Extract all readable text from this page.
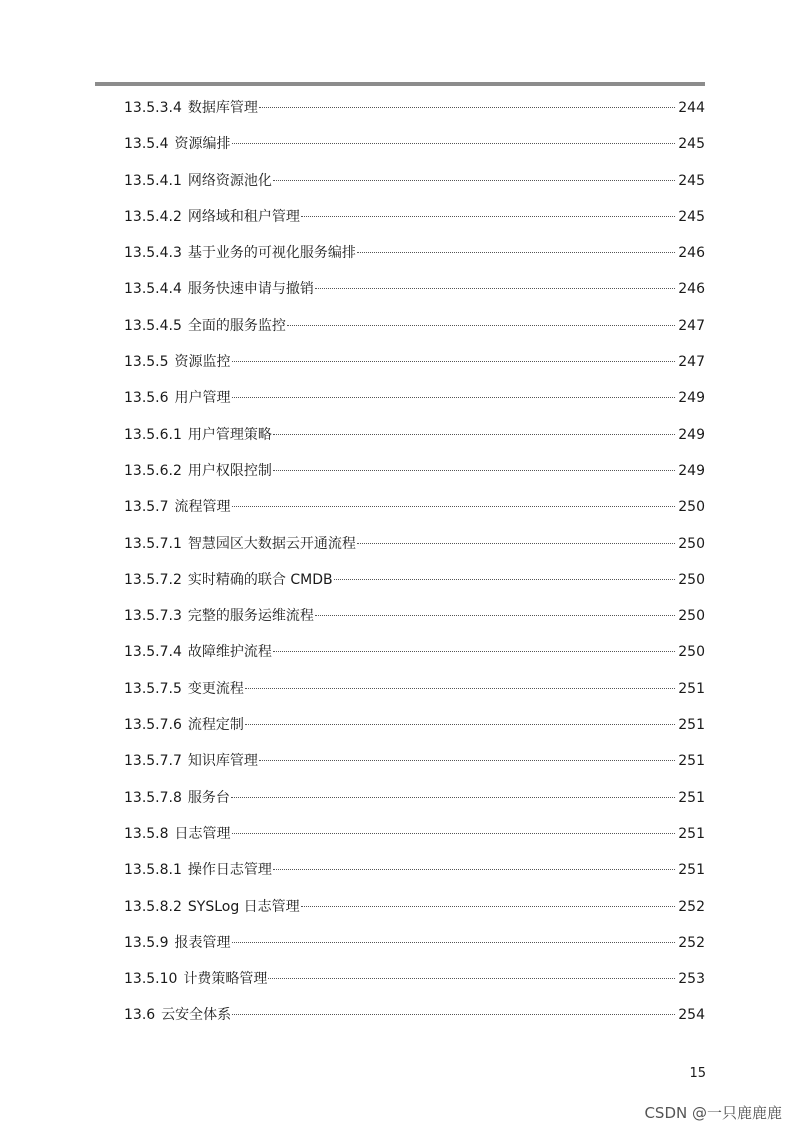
13.5.3.4 数据库管理	244
13.5.4 资源编排	245
13.5.4.1 网络资源池化	245
13.5.4.2 网络域和租户管理	245
13.5.4.3 基于业务的可视化服务编排	246
13.5.4.4 服务快速申请与撤销	246
13.5.4.5 全面的服务监控	247
13.5.5 资源监控	247
13.5.6 用户管理	249
13.5.6.1 用户管理策略	249
13.5.6.2 用户权限控制	249
13.5.7 流程管理	250
13.5.7.1 智慧园区大数据云开通流程	250
13.5.7.2 实时精确的联合 CMDB	250
13.5.7.3 完整的服务运维流程	250
13.5.7.4 故障维护流程	250
13.5.7.5 变更流程	251
13.5.7.6 流程定制	251
13.5.7.7 知识库管理	251
13.5.7.8 服务台	251
13.5.8 日志管理	251
13.5.8.1 操作日志管理	251
13.5.8.2 SYSLog 日志管理	252
13.5.9 报表管理	252
13.5.10 计费策略管理	253
13.6 云安全体系	254
15
CSDN @一只鹿鹿鹿
